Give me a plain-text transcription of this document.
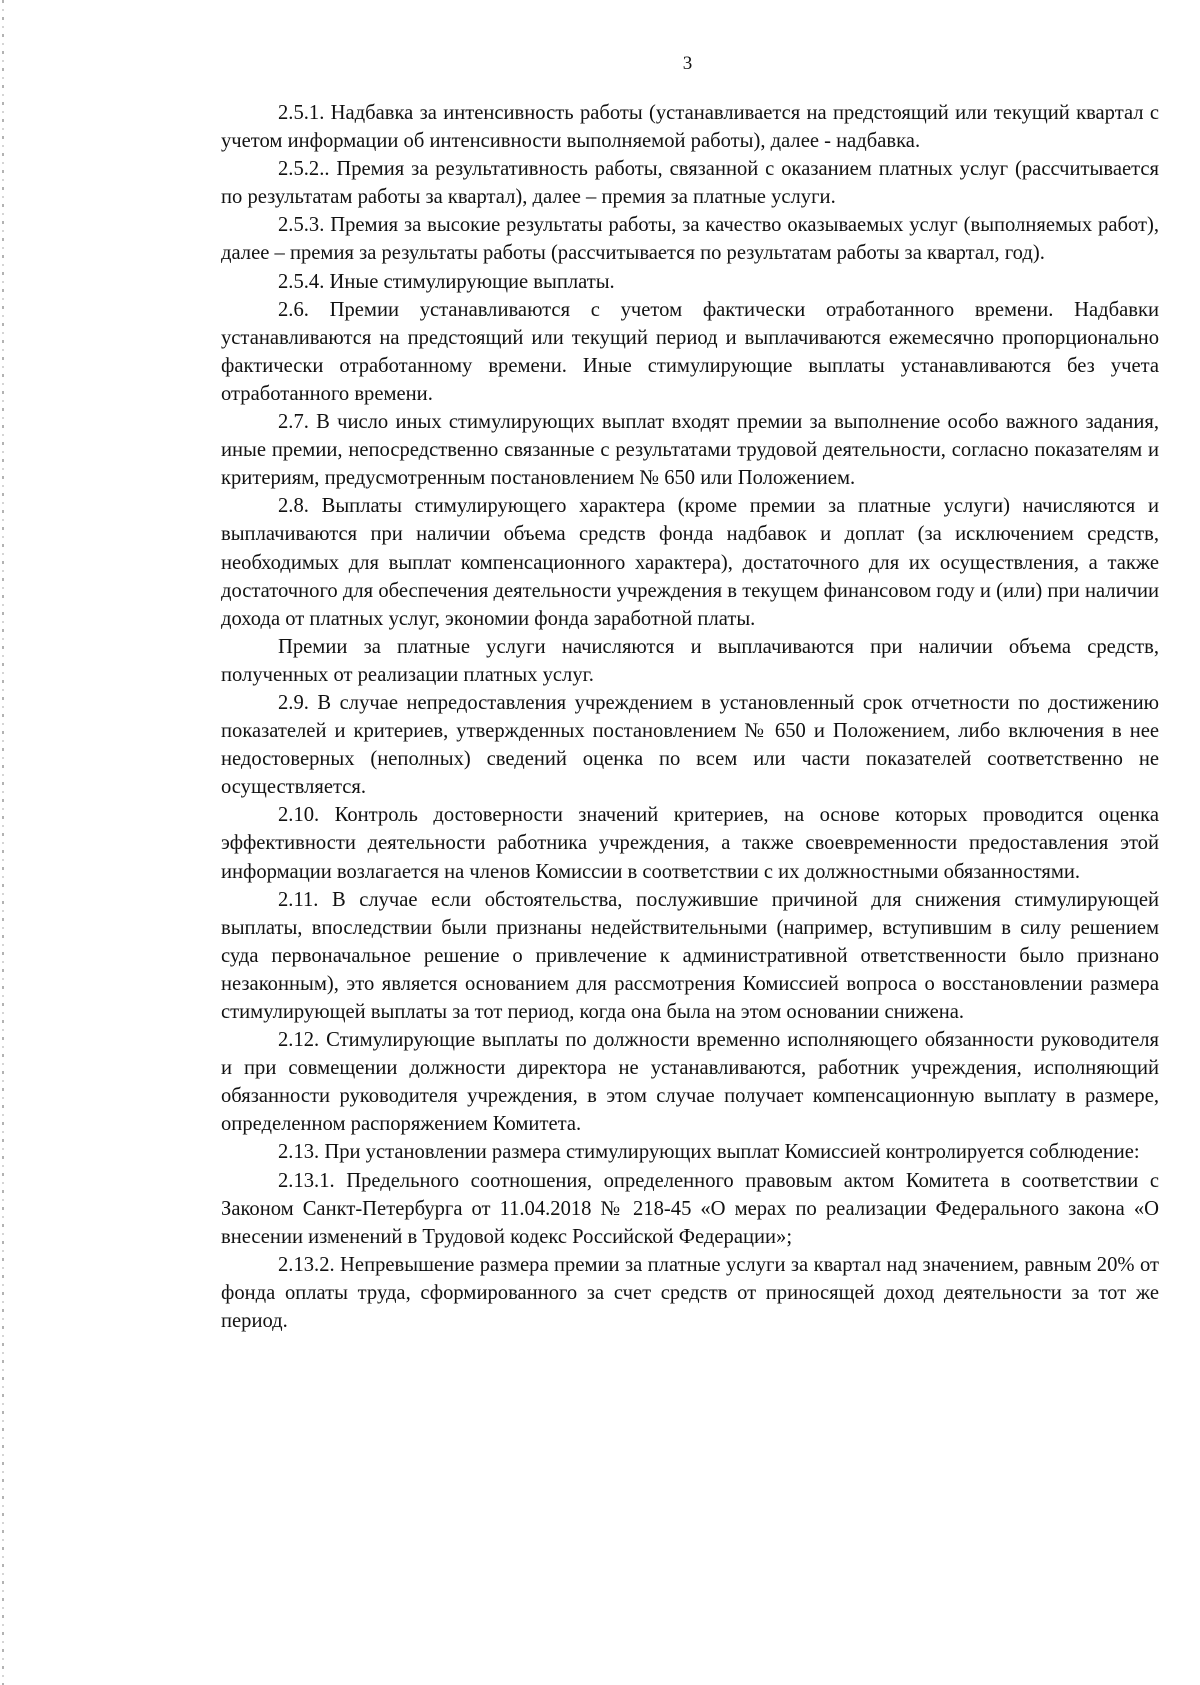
3

2.5.1. Надбавка за интенсивность работы (устанавливается на предстоящий или текущий квартал с учетом информации об интенсивности выполняемой работы), далее - надбавка.

2.5.2.. Премия за результативность работы, связанной с оказанием платных услуг (рассчитывается по результатам работы за квартал), далее – премия за платные услуги.

2.5.3. Премия за высокие результаты работы, за качество оказываемых услуг (выполняемых работ), далее – премия за результаты работы (рассчитывается по результатам работы за квартал, год).

2.5.4. Иные стимулирующие выплаты.

2.6. Премии устанавливаются с учетом фактически отработанного времени. Надбавки устанавливаются на предстоящий или текущий период и выплачиваются ежемесячно пропорционально фактически отработанному времени. Иные стимулирующие выплаты устанавливаются без учета отработанного времени.

2.7. В число иных стимулирующих выплат входят премии за выполнение особо важного задания, иные премии, непосредственно связанные с результатами трудовой деятельности, согласно показателям и критериям, предусмотренным постановлением № 650 или Положением.

2.8. Выплаты стимулирующего характера (кроме премии за платные услуги) начисляются и выплачиваются при наличии объема средств фонда надбавок и доплат (за исключением средств, необходимых для выплат компенсационного характера), достаточного для их осуществления, а также достаточного для обеспечения деятельности учреждения в текущем финансовом году и (или) при наличии дохода от платных услуг, экономии фонда заработной платы.

Премии за платные услуги начисляются и выплачиваются при наличии объема средств, полученных от реализации платных услуг.

2.9. В случае непредоставления учреждением в установленный срок отчетности по достижению показателей и критериев, утвержденных постановлением № 650 и Положением, либо включения в нее недостоверных (неполных) сведений оценка по всем или части показателей соответственно не осуществляется.

2.10. Контроль достоверности значений критериев, на основе которых проводится оценка эффективности деятельности работника учреждения, а также своевременности предоставления этой информации возлагается на членов Комиссии в соответствии с их должностными обязанностями.

2.11. В случае если обстоятельства, послужившие причиной для снижения стимулирующей выплаты, впоследствии были признаны недействительными (например, вступившим в силу решением суда первоначальное решение о привлечение к административной ответственности было признано незаконным), это является основанием для рассмотрения Комиссией вопроса о восстановлении размера стимулирующей выплаты за тот период, когда она была на этом основании снижена.

2.12. Стимулирующие выплаты по должности временно исполняющего обязанности руководителя и при совмещении должности директора не устанавливаются, работник учреждения, исполняющий обязанности руководителя учреждения, в этом случае получает компенсационную выплату в размере, определенном распоряжением Комитета.

2.13. При установлении размера стимулирующих выплат Комиссией контролируется соблюдение:

2.13.1. Предельного соотношения, определенного правовым актом Комитета в соответствии с Законом Санкт-Петербурга от 11.04.2018 № 218-45 «О мерах по реализации Федерального закона «О внесении изменений в Трудовой кодекс Российской Федерации»;

2.13.2. Непревышение размера премии за платные услуги за квартал над значением, равным 20% от фонда оплаты труда, сформированного за счет средств от приносящей доход деятельности за тот же период.
